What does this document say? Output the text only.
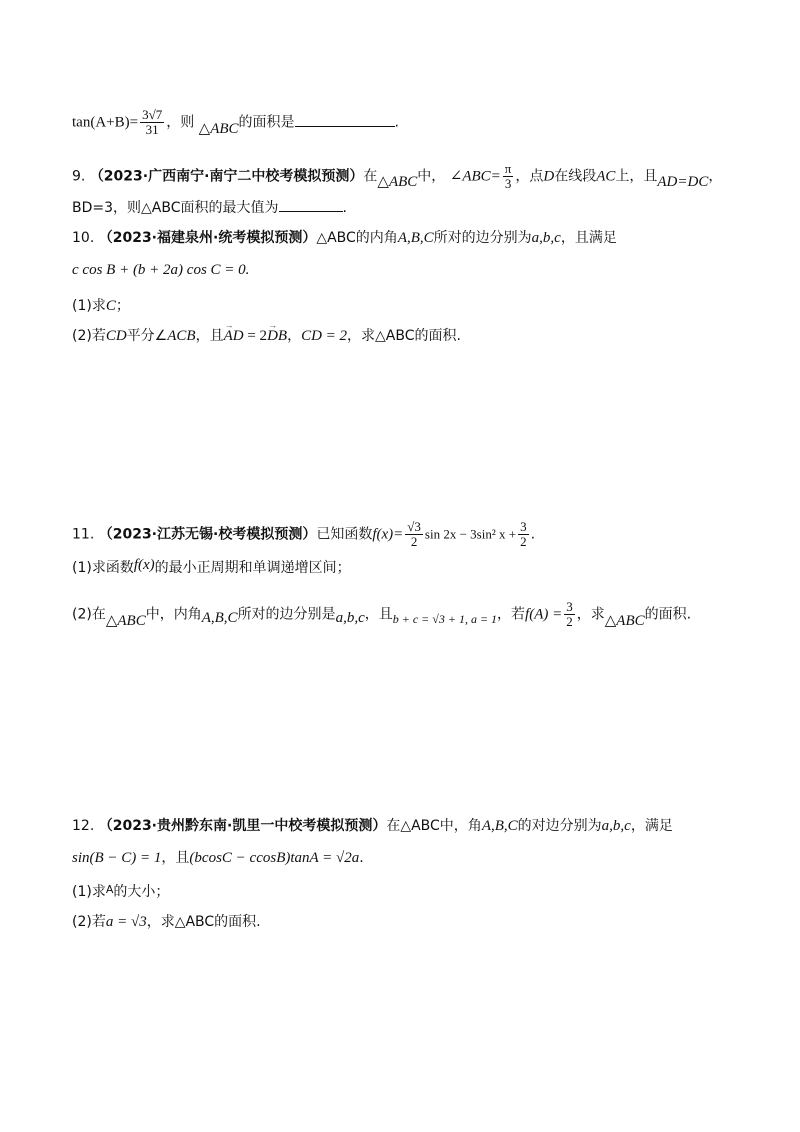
$\tan(A+B)= \frac{3√7}{31}$ ，则 △ABC的面积是	.
9. （2023·广西南宁·南宁二中校考模拟预测）在△ABC中， ∠ABC= $\frac{\pi}{3}$ ，点D在线段AC上，且AD=DC，
BD=3，则△ABC面积的最大值为	.
10. （2023·福建泉州·统考模拟预测）△ABC的内角A,B,C所对的边分别为a,b,c，且满足
c cos B + (b + 2a) cos C = 0.
(1)求C；
(2)若CD平分∠ACB，且→ AD = 2→ DB，CD = 2，求△ABC的面积.
11. （2023·江苏无锡·校考模拟预测）已知函数$f(x)= \frac{√3}{2}$ sin 2x − 3sin² $x + \frac{3}{2}$ .
(1)求函数f(x)的最小正周期和单调递增区间；
(2)在△ABC中，内角A,B,C所对的边分别是a,b,c，且b + c = √3 + 1, a = 1，若$f(A) = \frac{3}{2}$ ，求△ABC的面积.
12. （2023·贵州黔东南·凯里一中校考模拟预测）在△ABC中，角A,B,C的对边分别为a,b,c，满足
sin(B − C) = 1，且(bcosC − ccosB)tanA = √2a.
(1)求$^A$的大小；
(2)若a = √3，求△ABC的面积.
